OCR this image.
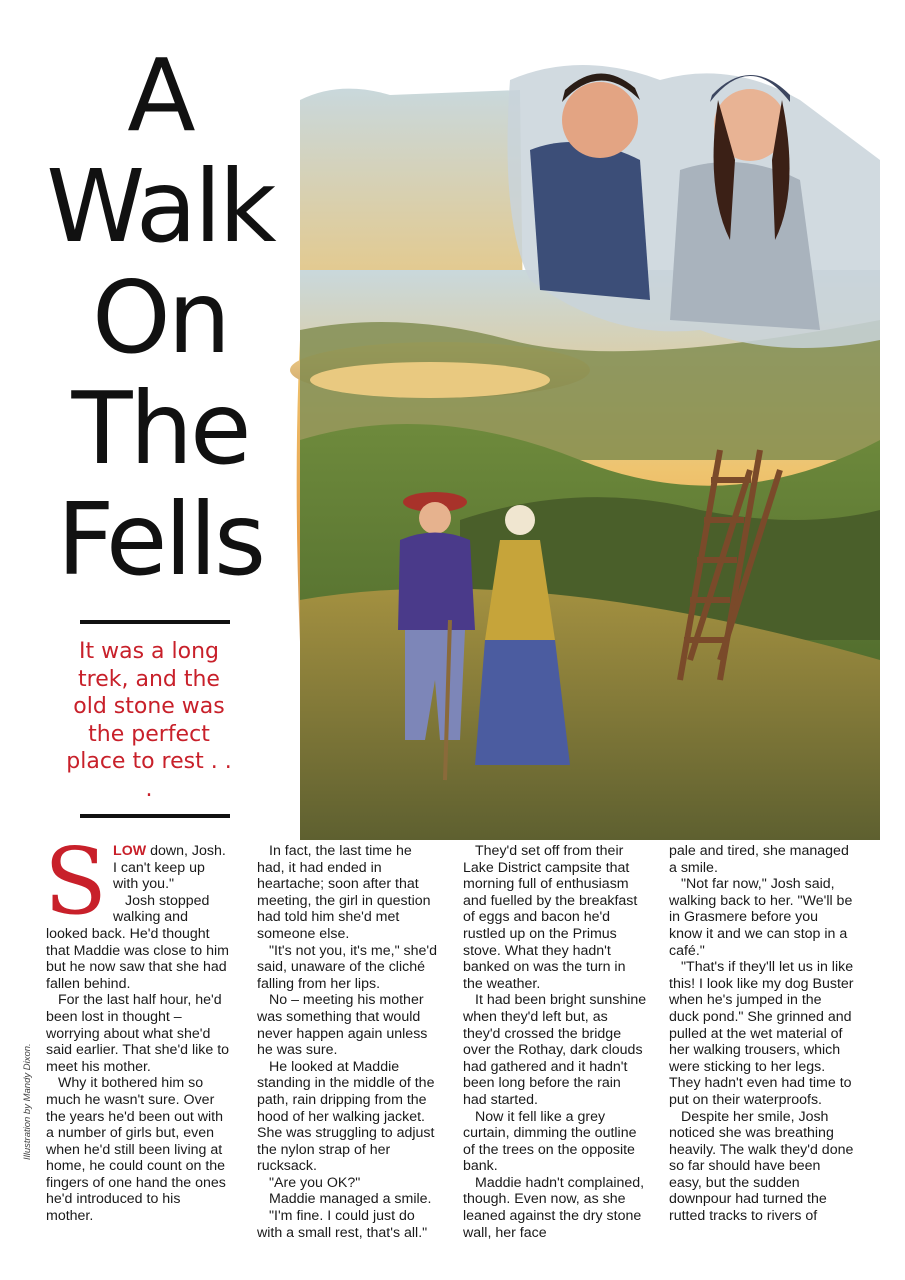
A
Walk
On
The
Fells
It was a long trek, and the old stone was the perfect place to rest . . .
Illustration by Mandy Dixon.
S LOW down, Josh. I can't keep up with you."

Josh stopped walking and looked back. He'd thought that Maddie was close to him but he now saw that she had fallen behind.

For the last half hour, he'd been lost in thought – worrying about what she'd said earlier. That she'd like to meet his mother.

Why it bothered him so much he wasn't sure. Over the years he'd been out with a number of girls but, even when he'd still been living at home, he could count on the fingers of one hand the ones he'd introduced to his mother.

In fact, the last time he had, it had ended in heartache; soon after that meeting, the girl in question had told him she'd met someone else.

"It's not you, it's me," she'd said, unaware of the cliché falling from her lips.

No – meeting his mother was something that would never happen again unless he was sure.

He looked at Maddie standing in the middle of the path, rain dripping from the hood of her walking jacket. She was struggling to adjust the nylon strap of her rucksack.

"Are you OK?"

Maddie managed a smile.

"I'm fine. I could just do with a small rest, that's all."

They'd set off from their Lake District campsite that morning full of enthusiasm and fuelled by the breakfast of eggs and bacon he'd rustled up on the Primus stove. What they hadn't banked on was the turn in the weather.

It had been bright sunshine when they'd left but, as they'd crossed the bridge over the Rothay, dark clouds had gathered and it hadn't been long before the rain had started.

Now it fell like a grey curtain, dimming the outline of the trees on the opposite bank.

Maddie hadn't complained, though. Even now, as she leaned against the dry stone wall, her face

pale and tired, she managed a smile.

"Not far now," Josh said, walking back to her. "We'll be in Grasmere before you know it and we can stop in a café."

"That's if they'll let us in like this! I look like my dog Buster when he's jumped in the duck pond." She grinned and pulled at the wet material of her walking trousers, which were sticking to her legs. They hadn't even had time to put on their waterproofs.

Despite her smile, Josh noticed she was breathing heavily. The walk they'd done so far should have been easy, but the sudden downpour had turned the rutted tracks to rivers of
